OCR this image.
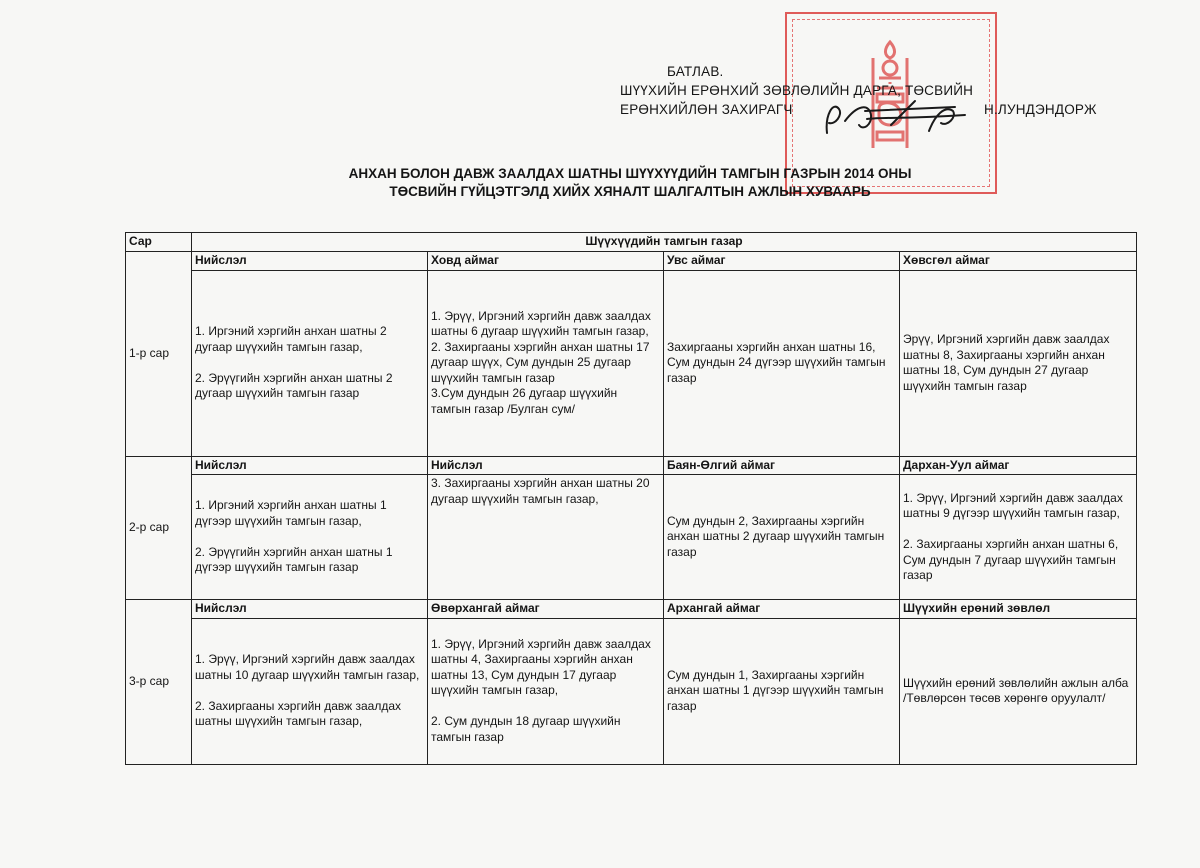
БАТЛАВ.
ШҮҮХИЙН ЕРӨНХИЙ ЗӨВЛӨЛИЙН ДАРГА, ТӨСВИЙН
ЕРӨНХИЙЛӨН ЗАХИРАГЧ	Н.ЛУНДЭНДОРЖ
АНХАН БОЛОН ДАВЖ ЗААЛДАХ ШАТНЫ ШҮҮХҮҮДИЙН ТАМГЫН ГАЗРЫН 2014 ОНЫ
ТӨСВИЙН ГҮЙЦЭТГЭЛД ХИЙХ ХЯНАЛТ ШАЛГАЛТЫН АЖЛЫН ХУВААРЬ
Сар	Шүүхүүдийн тамгын газар			
1-р сар	Нийслэл	Ховд аймаг	Увс аймаг	Хөвсгөл аймаг
	1. Иргэний хэргийн анхан шатны 2 дугаар шүүхийн тамгын газар,

2. Эрүүгийн хэргийн анхан шатны 2 дугаар шүүхийн тамгын газар	1. Эрүү, Иргэний хэргийн давж заалдах шатны 6 дугаар шүүхийн тамгын газар,
2. Захиргааны хэргийн анхан шатны 17 дугаар шүүх, Сум дундын 25 дугаар шүүхийн тамгын газар
3.Сум дундын 26 дугаар шүүхийн тамгын газар /Булган сум/	Захиргааны хэргийн анхан шатны 16, Сум дундын 24 дүгээр шүүхийн тамгын газар	Эрүү, Иргэний хэргийн давж заалдах шатны 8, Захиргааны хэргийн анхан шатны 18, Сум дундын 27 дугаар шүүхийн тамгын газар
2-р сар	Нийслэл	Нийслэл	Баян-Өлгий аймаг	Дархан-Уул аймаг
	1. Иргэний хэргийн анхан шатны 1 дүгээр шүүхийн тамгын газар,

2. Эрүүгийн хэргийн анхан шатны 1 дүгээр шүүхийн тамгын газар	3. Захиргааны хэргийн анхан шатны 20 дугаар шүүхийн тамгын газар,	Сум дундын 2, Захиргааны хэргийн анхан шатны 2 дугаар шүүхийн тамгын газар	1. Эрүү, Иргэний хэргийн давж заалдах шатны 9 дүгээр шүүхийн тамгын газар,

2. Захиргааны хэргийн анхан шатны 6, Сум дундын 7 дугаар шүүхийн тамгын газар
3-р сар	Нийслэл	Өвөрхангай аймаг	Архангай аймаг	Шүүхийн ерөний зөвлөл
	1. Эрүү, Иргэний хэргийн давж заалдах шатны 10 дугаар шүүхийн тамгын газар,

2. Захиргааны хэргийн давж заалдах шатны шүүхийн тамгын газар,	1. Эрүү, Иргэний хэргийн давж заалдах шатны 4, Захиргааны хэргийн анхан шатны 13, Сум дундын 17 дугаар шүүхийн тамгын газар,

2. Сум дундын 18 дугаар шүүхийн тамгын газар	Сум дундын 1, Захиргааны хэргийн анхан шатны 1 дүгээр шүүхийн тамгын газар	Шүүхийн ерөний зөвлөлийн ажлын алба /Төвлөрсөн төсөв хөрөнгө оруулалт/
